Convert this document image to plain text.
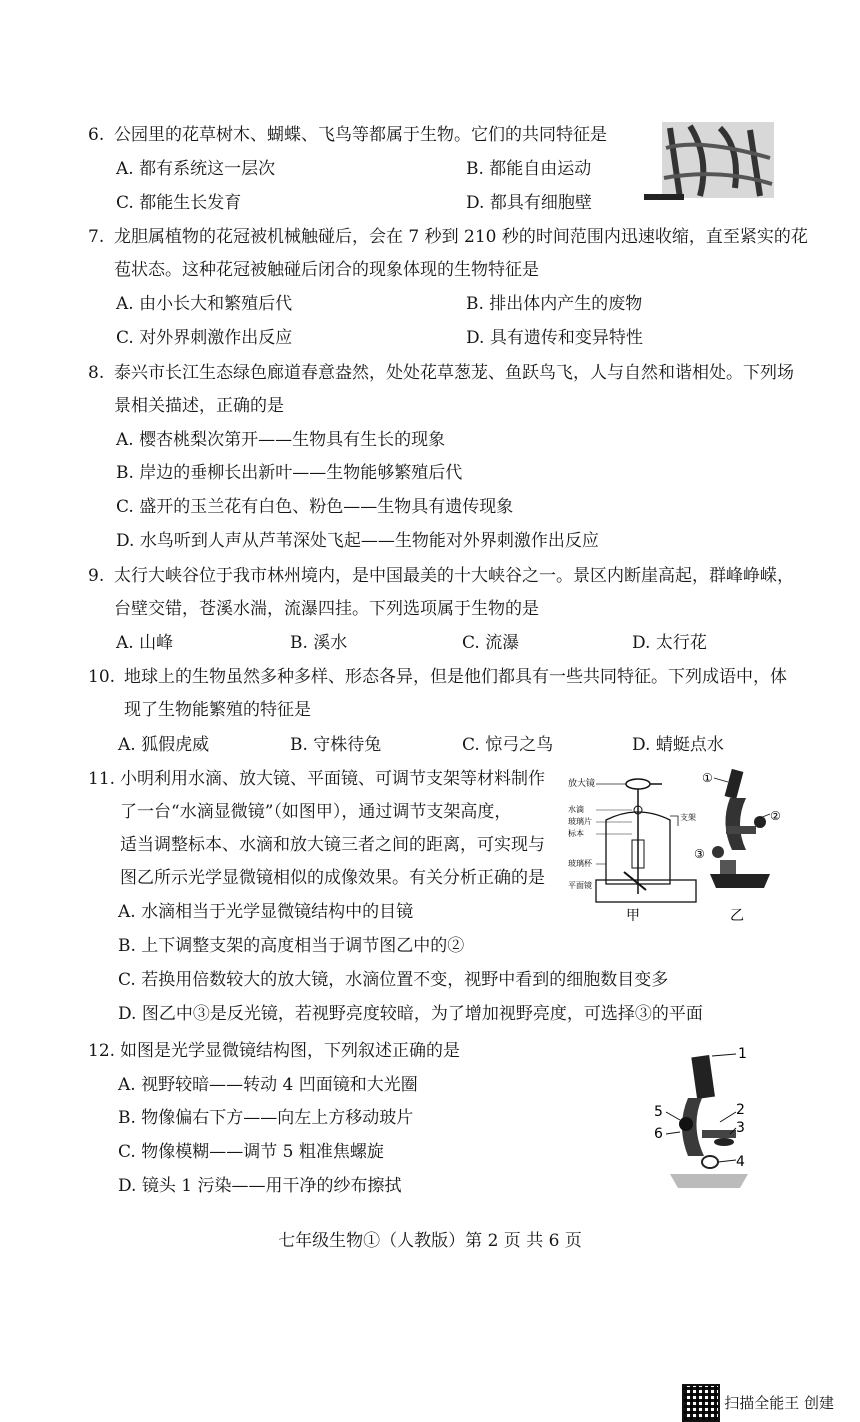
6. 公园里的花草树木、蝴蝶、飞鸟等都属于生物。它们的共同特征是
A. 都有系统这一层次	B. 都能自由运动
C. 都能生长发育	D. 都具有细胞壁
7. 龙胆属植物的花冠被机械触碰后，会在 7 秒到 210 秒的时间范围内迅速收缩，直至紧实的花
苞状态。这种花冠被触碰后闭合的现象体现的生物特征是
A. 由小长大和繁殖后代	B. 排出体内产生的废物
C. 对外界刺激作出反应	D. 具有遗传和变异特性
8. 泰兴市长江生态绿色廊道春意盎然，处处花草葱茏、鱼跃鸟飞，人与自然和谐相处。下列场
景相关描述，正确的是
A. 樱杏桃梨次第开——生物具有生长的现象
B. 岸边的垂柳长出新叶——生物能够繁殖后代
C. 盛开的玉兰花有白色、粉色——生物具有遗传现象
D. 水鸟听到人声从芦苇深处飞起——生物能对外界刺激作出反应
9. 太行大峡谷位于我市林州境内，是中国最美的十大峡谷之一。景区内断崖高起，群峰峥嵘，
台壁交错，苍溪水湍，流瀑四挂。下列选项属于生物的是
A. 山峰	B. 溪水	C. 流瀑	D. 太行花
10. 地球上的生物虽然多种多样、形态各异，但是他们都具有一些共同特征。下列成语中，体
现了生物能繁殖的特征是
A. 狐假虎威	B. 守株待兔	C. 惊弓之鸟	D. 蜻蜓点水
11. 小明利用水滴、放大镜、平面镜、可调节支架等材料制作
了一台“水滴显微镜”（如图甲），通过调节支架高度，
适当调整标本、水滴和放大镜三者之间的距离，可实现与
图乙所示光学显微镜相似的成像效果。有关分析正确的是
A. 水滴相当于光学显微镜结构中的目镜
B. 上下调整支架的高度相当于调节图乙中的②
C. 若换用倍数较大的放大镜，水滴位置不变，视野中看到的细胞数目变多
D. 图乙中③是反光镜，若视野亮度较暗，为了增加视野亮度，可选择③的平面
放大镜
水滴
玻璃片
标本
支架
玻璃杯
平面镜
甲
①
②
③
乙
12. 如图是光学显微镜结构图，下列叙述正确的是
A. 视野较暗——转动 4 凹面镜和大光圈
B. 物像偏右下方——向左上方移动玻片
C. 物像模糊——调节 5 粗准焦螺旋
D. 镜头 1 污染——用干净的纱布擦拭
1
5
6
2
3
4
七年级生物①（人教版）第 2 页 共 6 页
扫描全能王 创建
